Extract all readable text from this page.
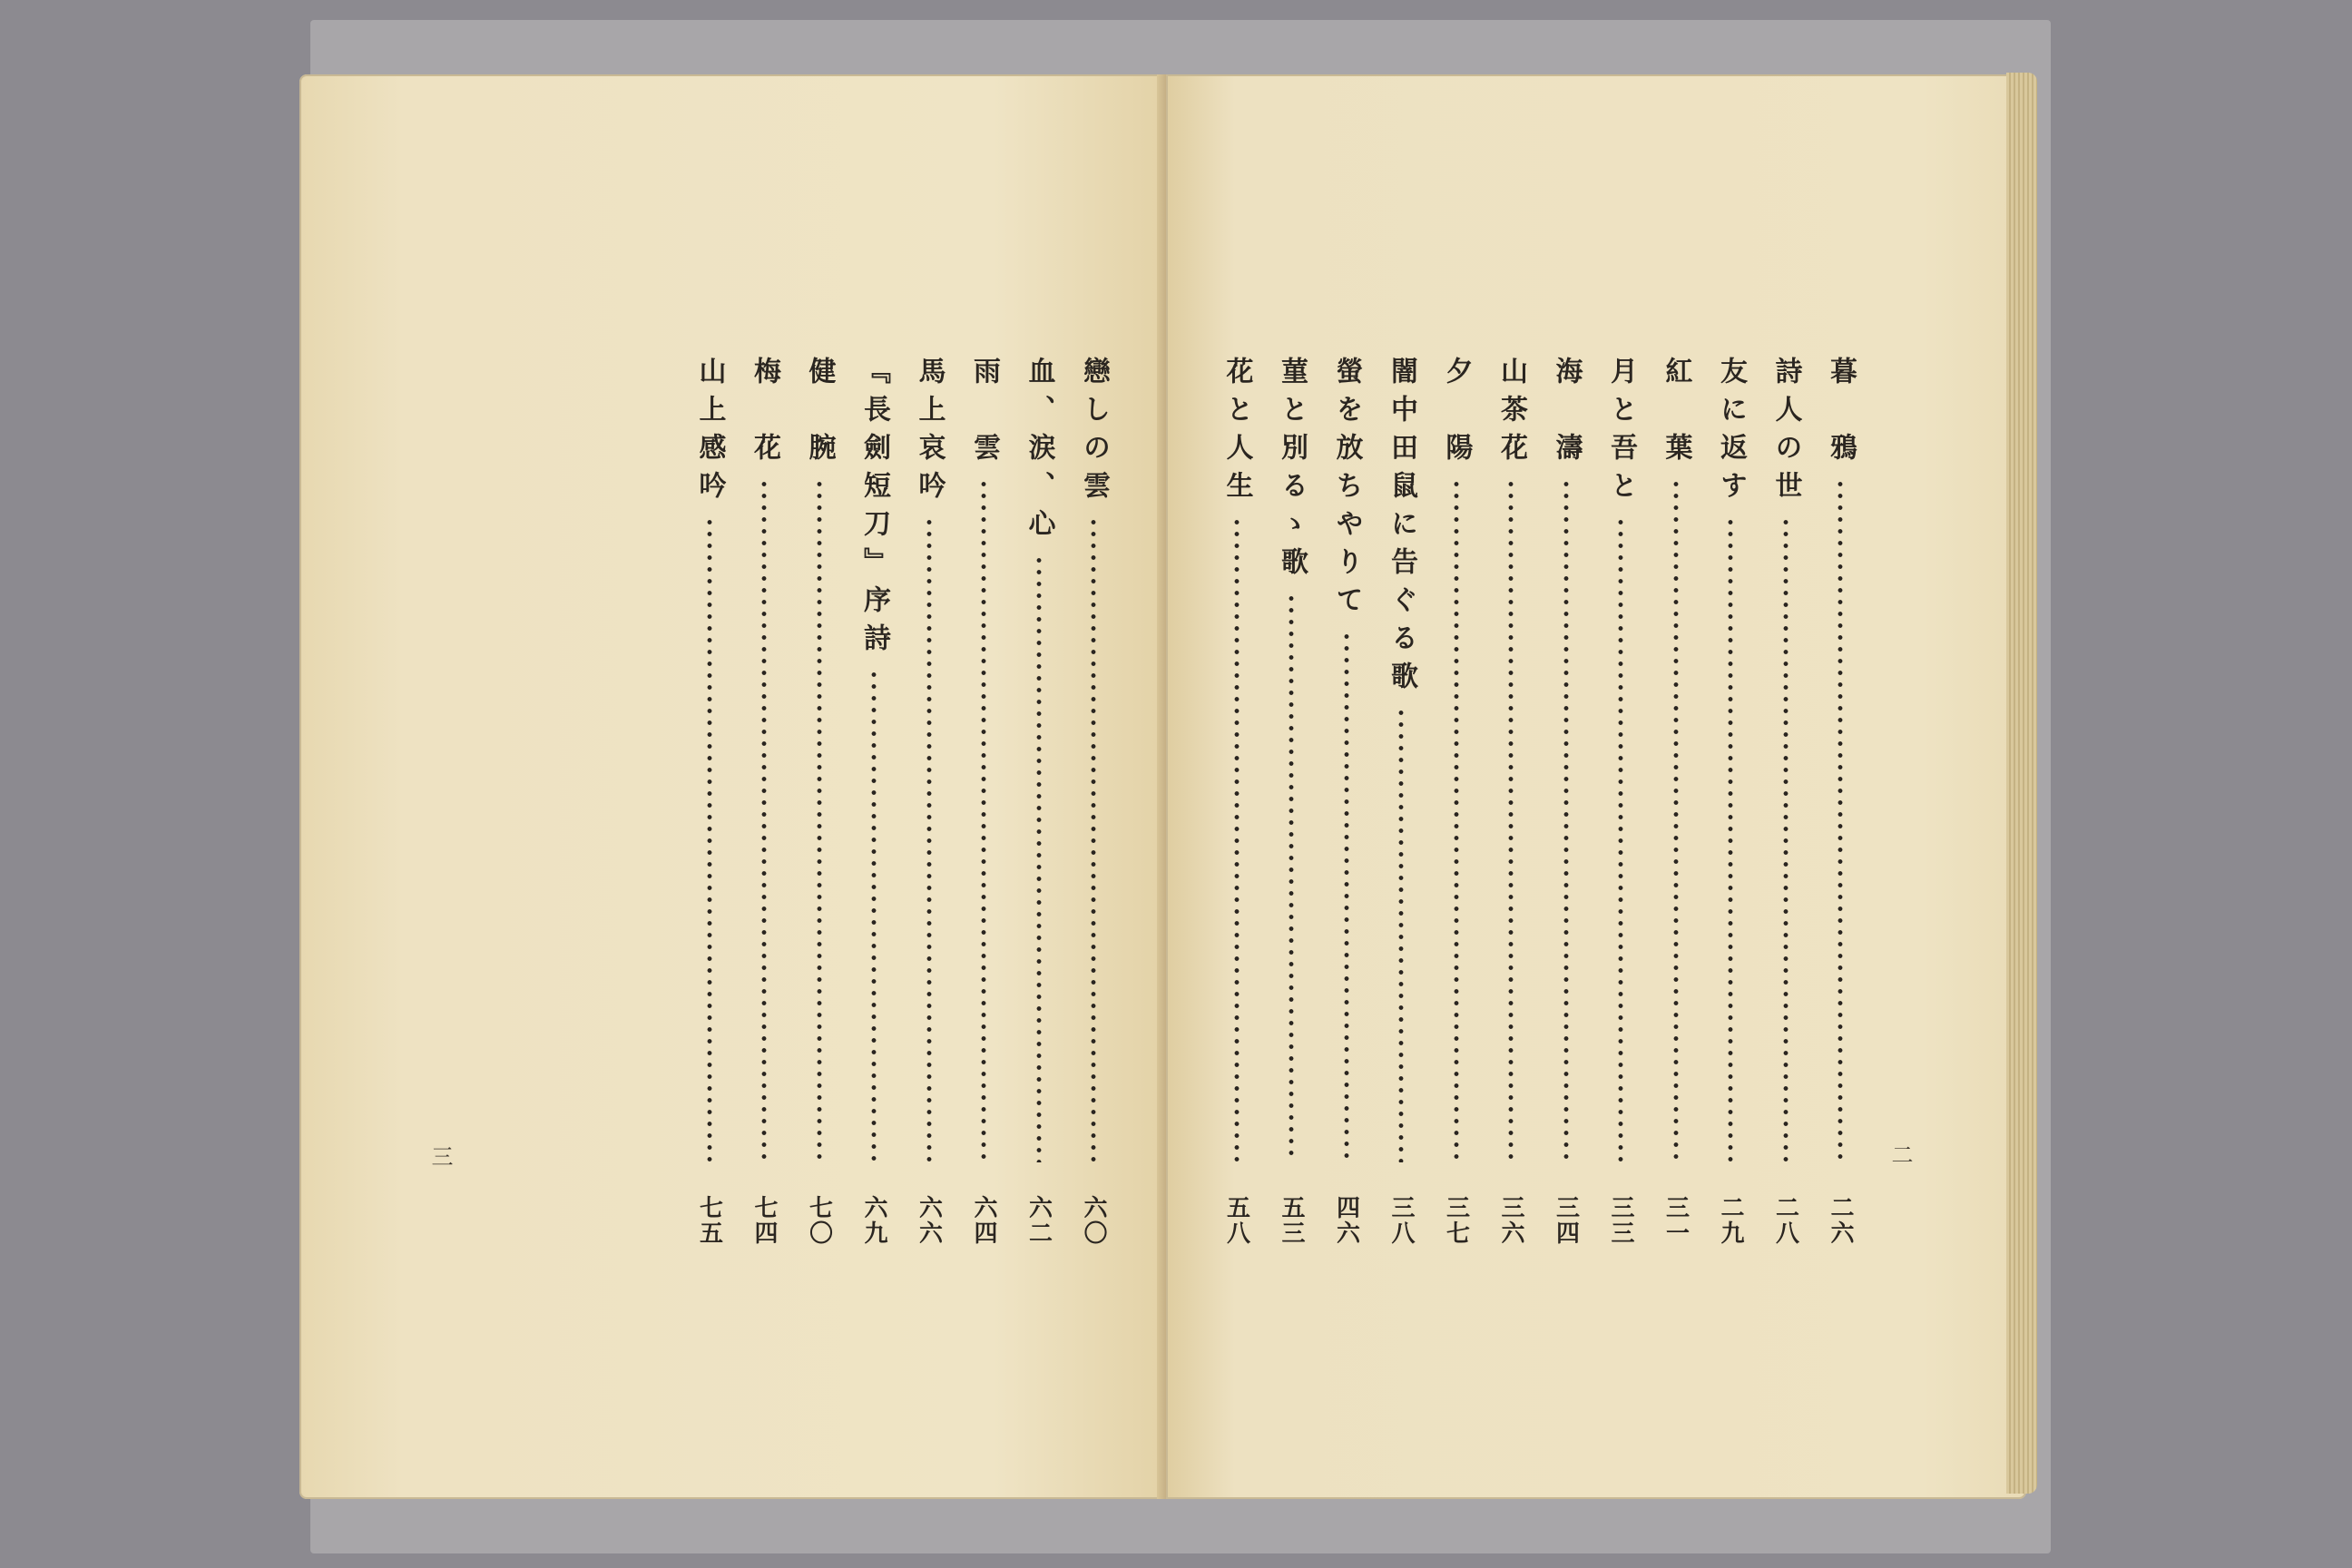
三	二
暮　鴉
二六
詩人の世
二八
友に返す
二九
紅　葉
三一
月と吾と
三三
海　濤
三四
山茶花
三六
夕　陽
三七
闇中田鼠に告ぐる歌
三八
螢を放ちやりて
四六
菫と別るゝ歌
五三
花と人生
五八
戀しの雲
六〇
血、涙、心
六二
雨　雲
六四
馬上哀吟
六六
『長劍短刀』序詩
六九
健　腕
七〇
梅　花
七四
山上感吟
七五
